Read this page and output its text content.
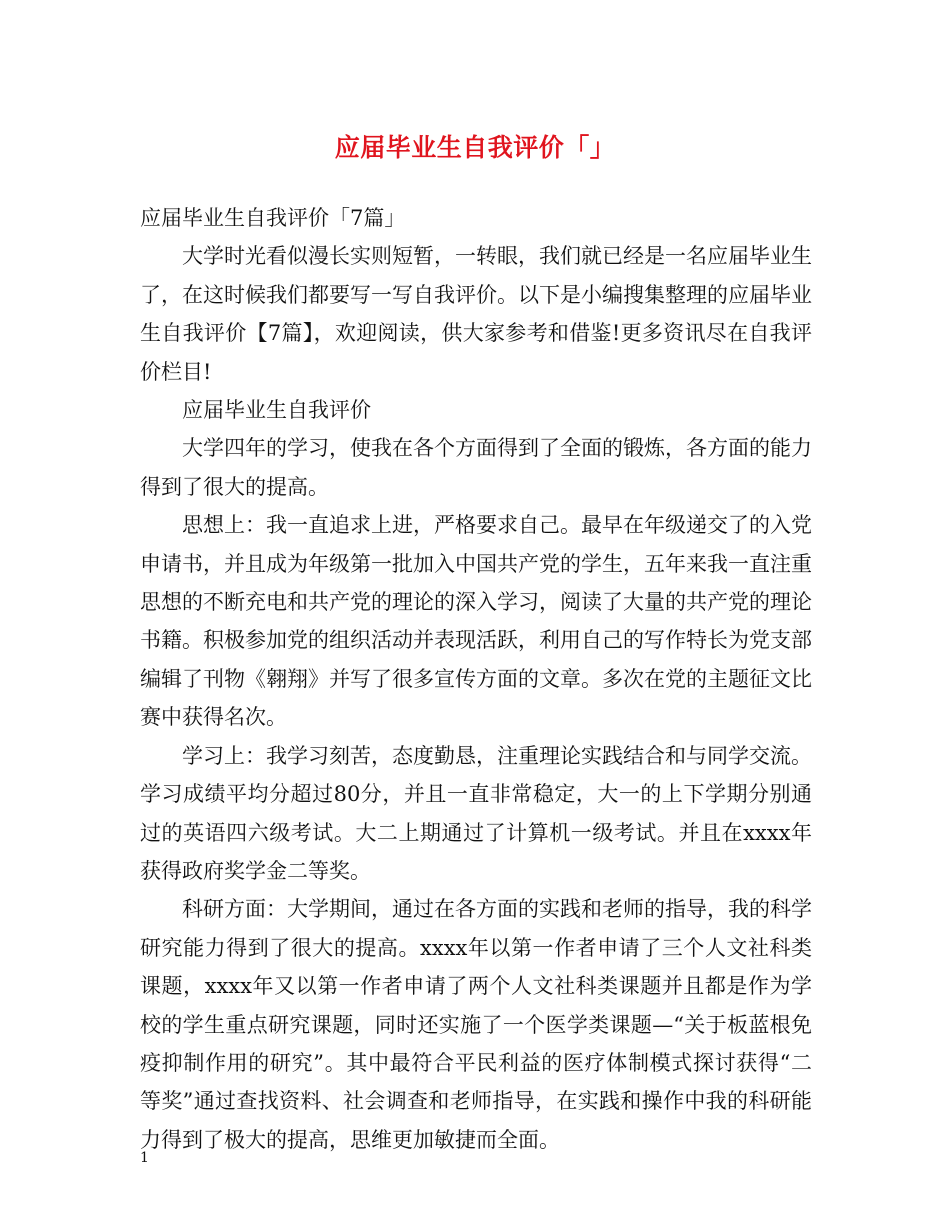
应届毕业生自我评价「」

应届毕业生自我评价「7篇」

大学时光看似漫长实则短暂，一转眼，我们就已经是一名应届毕业生了，在这时候我们都要写一写自我评价。以下是小编搜集整理的应届毕业生自我评价【7篇】，欢迎阅读，供大家参考和借鉴!更多资讯尽在自我评价栏目!

应届毕业生自我评价

大学四年的学习，使我在各个方面得到了全面的锻炼，各方面的能力得到了很大的提高。

思想上：我一直追求上进，严格要求自己。最早在年级递交了的入党申请书，并且成为年级第一批加入中国共产党的学生，五年来我一直注重思想的不断充电和共产党的理论的深入学习，阅读了大量的共产党的理论书籍。积极参加党的组织活动并表现活跃，利用自己的写作特长为党支部编辑了刊物《翱翔》并写了很多宣传方面的文章。多次在党的主题征文比赛中获得名次。

学习上：我学习刻苦，态度勤恳，注重理论实践结合和与同学交流。学习成绩平均分超过80分，并且一直非常稳定，大一的上下学期分别通过的英语四六级考试。大二上期通过了计算机一级考试。并且在xxxx年获得政府奖学金二等奖。

科研方面：大学期间，通过在各方面的实践和老师的指导，我的科学研究能力得到了很大的提高。xxxx年以第一作者申请了三个人文社科类课题，xxxx年又以第一作者申请了两个人文社科类课题并且都是作为学校的学生重点研究课题，同时还实施了一个医学类课题—“关于板蓝根免疫抑制作用的研究”。其中最符合平民利益的医疗体制模式探讨获得“二等奖”通过查找资料、社会调查和老师指导，在实践和操作中我的科研能力得到了极大的提高，思维更加敏捷而全面。

1
